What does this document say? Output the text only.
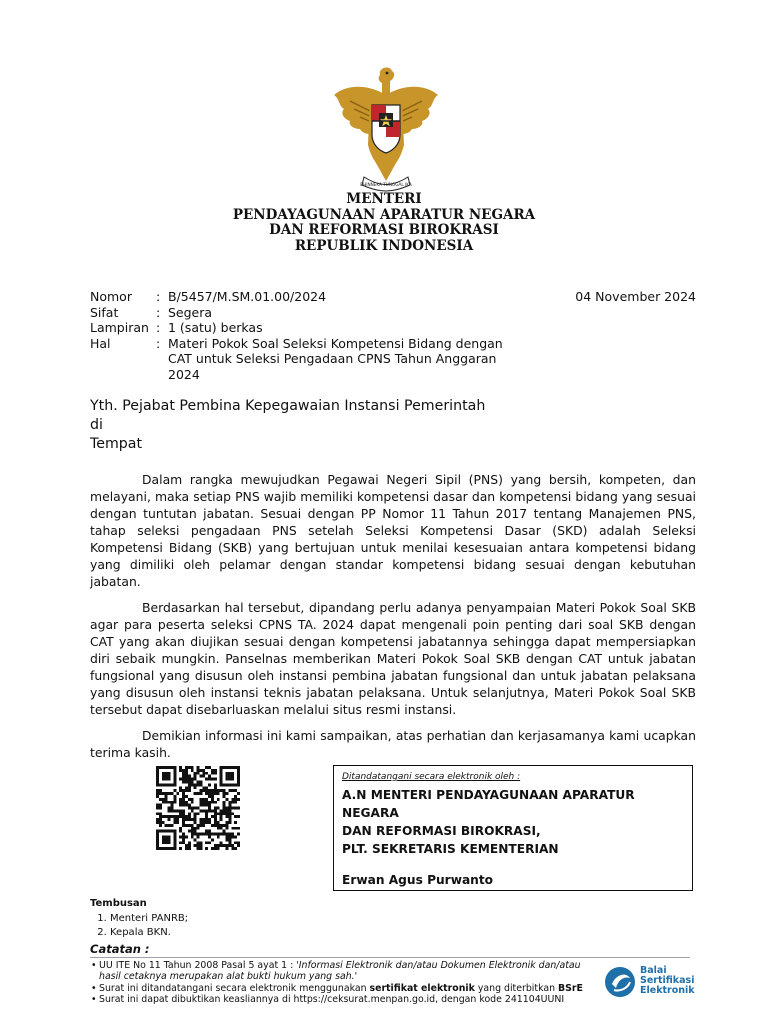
BHINNEKA TUNGGAL IKA
MENTERI
PENDAYAGUNAAN APARATUR NEGARA
DAN REFORMASI BIROKRASI
REPUBLIK INDONESIA
Nomor	: B/5457/M.SM.01.00/2024	04 November 2024
Sifat	: Segera
Lampiran : 1 (satu) berkas
Hal	: Materi Pokok Soal Seleksi Kompetensi Bidang dengan CAT untuk Seleksi Pengadaan CPNS Tahun Anggaran 2024
Yth. Pejabat Pembina Kepegawaian Instansi Pemerintah
di
Tempat

Dalam rangka mewujudkan Pegawai Negeri Sipil (PNS) yang bersih, kompeten, dan melayani, maka setiap PNS wajib memiliki kompetensi dasar dan kompetensi bidang yang sesuai dengan tuntutan jabatan. Sesuai dengan PP Nomor 11 Tahun 2017 tentang Manajemen PNS, tahap seleksi pengadaan PNS setelah Seleksi Kompetensi Dasar (SKD) adalah Seleksi Kompetensi Bidang (SKB) yang bertujuan untuk menilai kesesuaian antara kompetensi bidang yang dimiliki oleh pelamar dengan standar kompetensi bidang sesuai dengan kebutuhan jabatan.

Berdasarkan hal tersebut, dipandang perlu adanya penyampaian Materi Pokok Soal SKB agar para peserta seleksi CPNS TA. 2024 dapat mengenali poin penting dari soal SKB dengan CAT yang akan diujikan sesuai dengan kompetensi jabatannya sehingga dapat mempersiapkan diri sebaik mungkin. Panselnas memberikan Materi Pokok Soal SKB dengan CAT untuk jabatan fungsional yang disusun oleh instansi pembina jabatan fungsional dan untuk jabatan pelaksana yang disusun oleh instansi teknis jabatan pelaksana. Untuk selanjutnya, Materi Pokok Soal SKB tersebut dapat disebarluaskan melalui situs resmi instansi.

Demikian informasi ini kami sampaikan, atas perhatian dan kerjasamanya kami ucapkan terima kasih.

Ditandatangani secara elektronik oleh :
A.N MENTERI PENDAYAGUNAAN APARATUR
NEGARA
DAN REFORMASI BIROKRASI,
PLT. SEKRETARIS KEMENTERIAN
Erwan Agus Purwanto
Tembusan
1. Menteri PANRB;
2. Kepala BKN.
Catatan :
• UU ITE No 11 Tahun 2008 Pasal 5 ayat 1 : 'Informasi Elektronik dan/atau Dokumen Elektronik dan/atau
hasil cetaknya merupakan alat bukti hukum yang sah.'
• Surat ini ditandatangani secara elektronik menggunakan sertifikat elektronik yang diterbitkan BSrE
• Surat ini dapat dibuktikan keasliannya di https://ceksurat.menpan.go.id, dengan kode 241104UUNI
Balai
Sertifikasi
Elektronik
